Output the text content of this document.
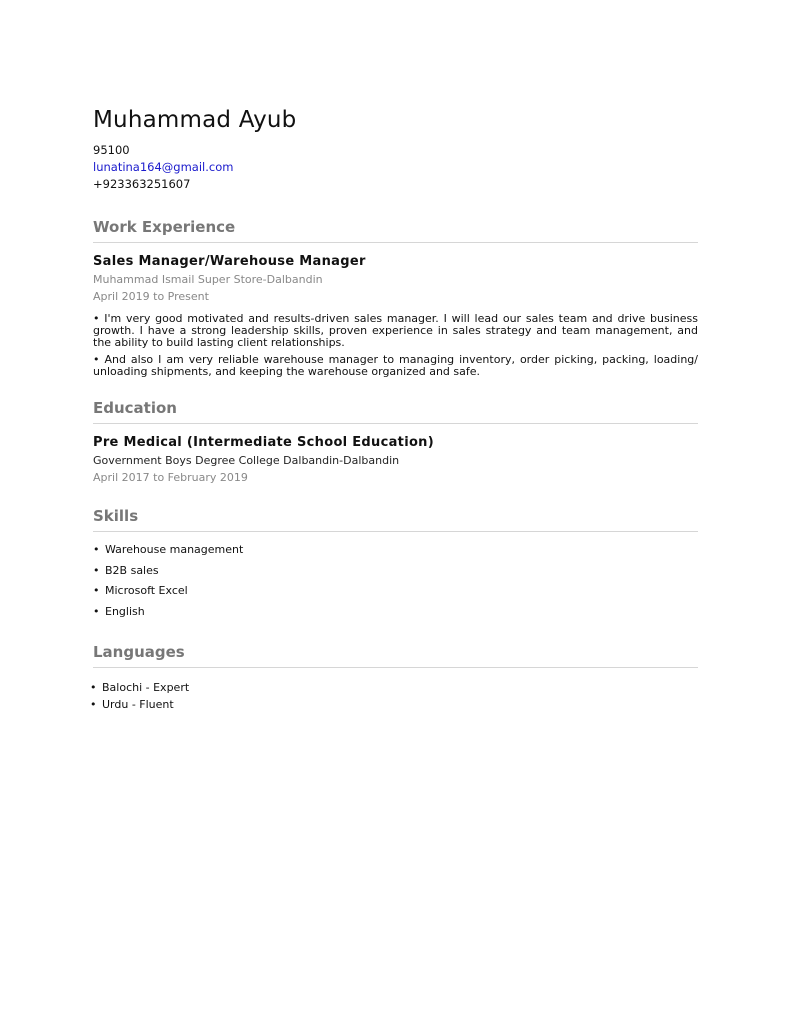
Muhammad Ayub
95100
lunatina164@gmail.com
+923363251607
Work Experience
Sales Manager/Warehouse Manager
Muhammad Ismail Super Store-Dalbandin
April 2019 to Present

• I'm very good motivated and results-driven sales manager. I will lead our sales team and drive business growth. I have a strong leadership skills, proven experience in sales strategy and team management, and the ability to build lasting client relationships.

• And also I am very reliable warehouse manager to managing inventory, order picking, packing, loading/ unloading shipments, and keeping the warehouse organized and safe.

Education
Pre Medical (Intermediate School Education)
Government Boys Degree College Dalbandin-Dalbandin
April 2017 to February 2019
Skills
• Warehouse management
• B2B sales
• Microsoft Excel
• English
Languages
• Balochi - Expert
• Urdu - Fluent
